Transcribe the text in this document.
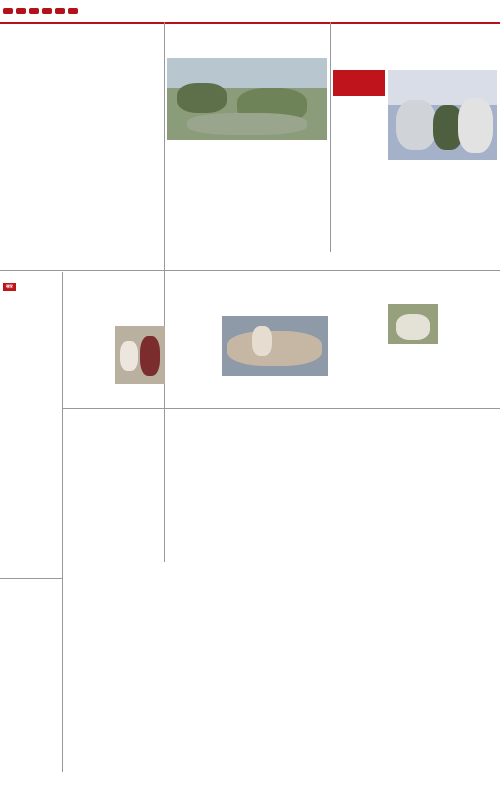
सार
